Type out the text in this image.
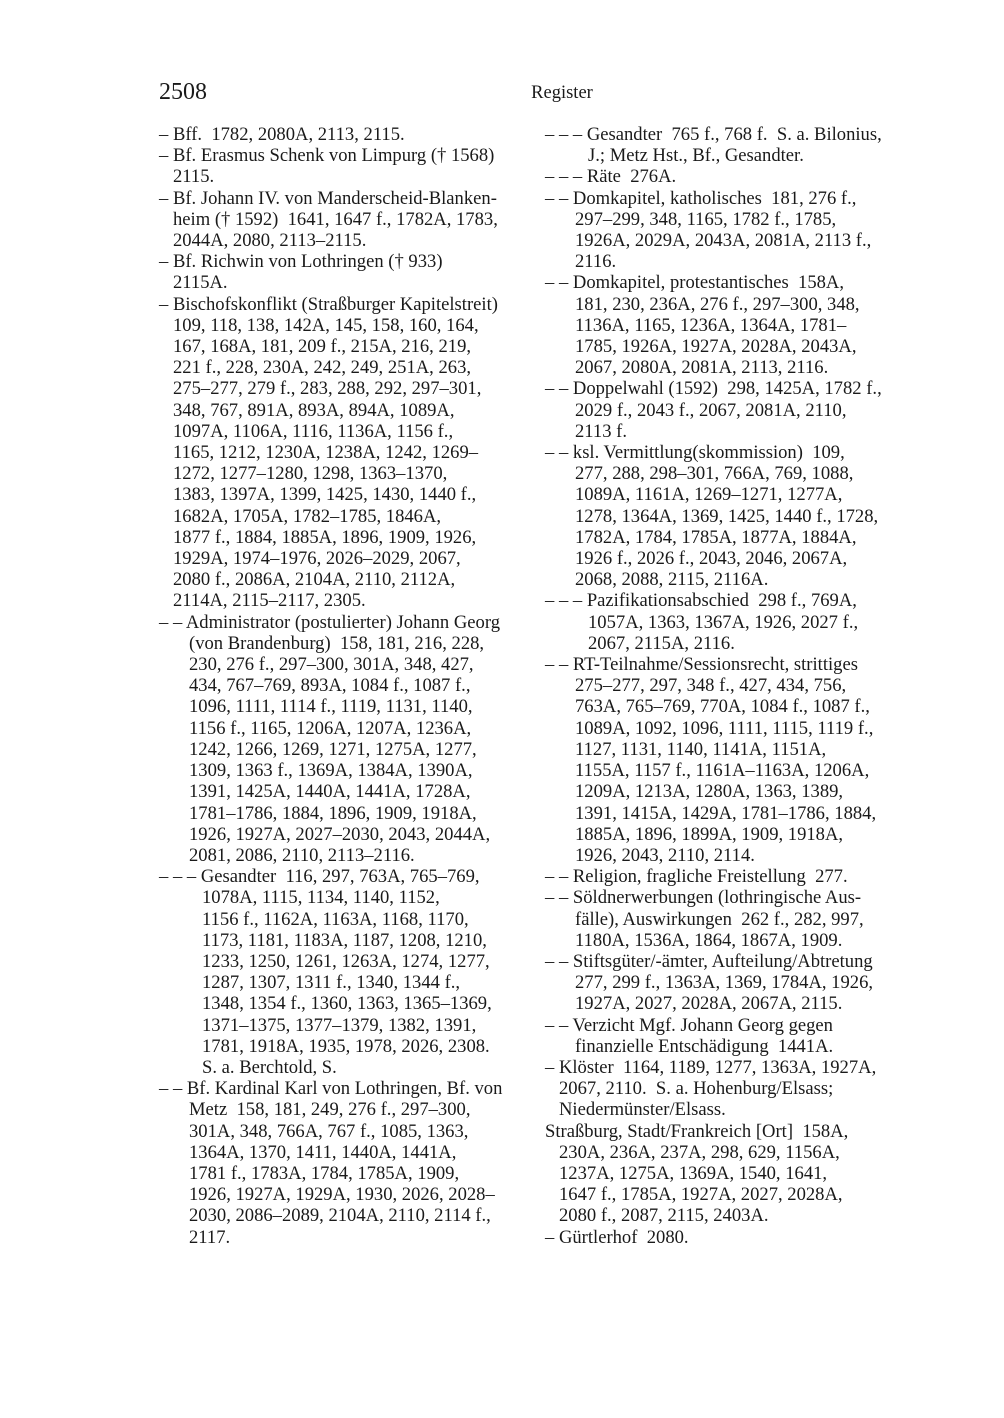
2508	Register
– Bff.  1782, 2080A, 2113, 2115.
– Bf. Erasmus Schenk von Limpurg († 1568)
2115.
– Bf. Johann IV. von Manderscheid-Blanken-
heim († 1592)  1641, 1647 f., 1782A, 1783,
2044A, 2080, 2113–2115.
– Bf. Richwin von Lothringen († 933)
2115A.
– Bischofskonflikt (Straßburger Kapitelstreit)
109, 118, 138, 142A, 145, 158, 160, 164,
167, 168A, 181, 209 f., 215A, 216, 219,
221 f., 228, 230A, 242, 249, 251A, 263,
275–277, 279 f., 283, 288, 292, 297–301,
348, 767, 891A, 893A, 894A, 1089A,
1097A, 1106A, 1116, 1136A, 1156 f.,
1165, 1212, 1230A, 1238A, 1242, 1269–
1272, 1277–1280, 1298, 1363–1370,
1383, 1397A, 1399, 1425, 1430, 1440 f.,
1682A, 1705A, 1782–1785, 1846A,
1877 f., 1884, 1885A, 1896, 1909, 1926,
1929A, 1974–1976, 2026–2029, 2067,
2080 f., 2086A, 2104A, 2110, 2112A,
2114A, 2115–2117, 2305.
– – Administrator (postulierter) Johann Georg
(von Brandenburg)  158, 181, 216, 228,
230, 276 f., 297–300, 301A, 348, 427,
434, 767–769, 893A, 1084 f., 1087 f.,
1096, 1111, 1114 f., 1119, 1131, 1140,
1156 f., 1165, 1206A, 1207A, 1236A,
1242, 1266, 1269, 1271, 1275A, 1277,
1309, 1363 f., 1369A, 1384A, 1390A,
1391, 1425A, 1440A, 1441A, 1728A,
1781–1786, 1884, 1896, 1909, 1918A,
1926, 1927A, 2027–2030, 2043, 2044A,
2081, 2086, 2110, 2113–2116.
– – – Gesandter  116, 297, 763A, 765–769,
1078A, 1115, 1134, 1140, 1152,
1156 f., 1162A, 1163A, 1168, 1170,
1173, 1181, 1183A, 1187, 1208, 1210,
1233, 1250, 1261, 1263A, 1274, 1277,
1287, 1307, 1311 f., 1340, 1344 f.,
1348, 1354 f., 1360, 1363, 1365–1369,
1371–1375, 1377–1379, 1382, 1391,
1781, 1918A, 1935, 1978, 2026, 2308.
S. a. Berchtold, S.
– – Bf. Kardinal Karl von Lothringen, Bf. von
Metz  158, 181, 249, 276 f., 297–300,
301A, 348, 766A, 767 f., 1085, 1363,
1364A, 1370, 1411, 1440A, 1441A,
1781 f., 1783A, 1784, 1785A, 1909,
1926, 1927A, 1929A, 1930, 2026, 2028–
2030, 2086–2089, 2104A, 2110, 2114 f.,
2117.
– – – Gesandter  765 f., 768 f.  S. a. Bilonius,
J.; Metz Hst., Bf., Gesandter.
– – – Räte  276A.
– – Domkapitel, katholisches  181, 276 f.,
297–299, 348, 1165, 1782 f., 1785,
1926A, 2029A, 2043A, 2081A, 2113 f.,
2116.
– – Domkapitel, protestantisches  158A,
181, 230, 236A, 276 f., 297–300, 348,
1136A, 1165, 1236A, 1364A, 1781–
1785, 1926A, 1927A, 2028A, 2043A,
2067, 2080A, 2081A, 2113, 2116.
– – Doppelwahl (1592)  298, 1425A, 1782 f.,
2029 f., 2043 f., 2067, 2081A, 2110,
2113 f.
– – ksl. Vermittlung(skommission)  109,
277, 288, 298–301, 766A, 769, 1088,
1089A, 1161A, 1269–1271, 1277A,
1278, 1364A, 1369, 1425, 1440 f., 1728,
1782A, 1784, 1785A, 1877A, 1884A,
1926 f., 2026 f., 2043, 2046, 2067A,
2068, 2088, 2115, 2116A.
– – – Pazifikationsabschied  298 f., 769A,
1057A, 1363, 1367A, 1926, 2027 f.,
2067, 2115A, 2116.
– – RT-Teilnahme/Sessionsrecht, strittiges
275–277, 297, 348 f., 427, 434, 756,
763A, 765–769, 770A, 1084 f., 1087 f.,
1089A, 1092, 1096, 1111, 1115, 1119 f.,
1127, 1131, 1140, 1141A, 1151A,
1155A, 1157 f., 1161A–1163A, 1206A,
1209A, 1213A, 1280A, 1363, 1389,
1391, 1415A, 1429A, 1781–1786, 1884,
1885A, 1896, 1899A, 1909, 1918A,
1926, 2043, 2110, 2114.
– – Religion, fragliche Freistellung  277.
– – Söldnerwerbungen (lothringische Aus-
fälle), Auswirkungen  262 f., 282, 997,
1180A, 1536A, 1864, 1867A, 1909.
– – Stiftsgüter/-ämter, Aufteilung/Abtretung
277, 299 f., 1363A, 1369, 1784A, 1926,
1927A, 2027, 2028A, 2067A, 2115.
– – Verzicht Mgf. Johann Georg gegen
finanzielle Entschädigung  1441A.
– Klöster  1164, 1189, 1277, 1363A, 1927A,
2067, 2110.  S. a. Hohenburg/Elsass;
Niedermünster/Elsass.
Straßburg, Stadt/Frankreich [Ort]  158A,
230A, 236A, 237A, 298, 629, 1156A,
1237A, 1275A, 1369A, 1540, 1641,
1647 f., 1785A, 1927A, 2027, 2028A,
2080 f., 2087, 2115, 2403A.
– Gürtlerhof  2080.
